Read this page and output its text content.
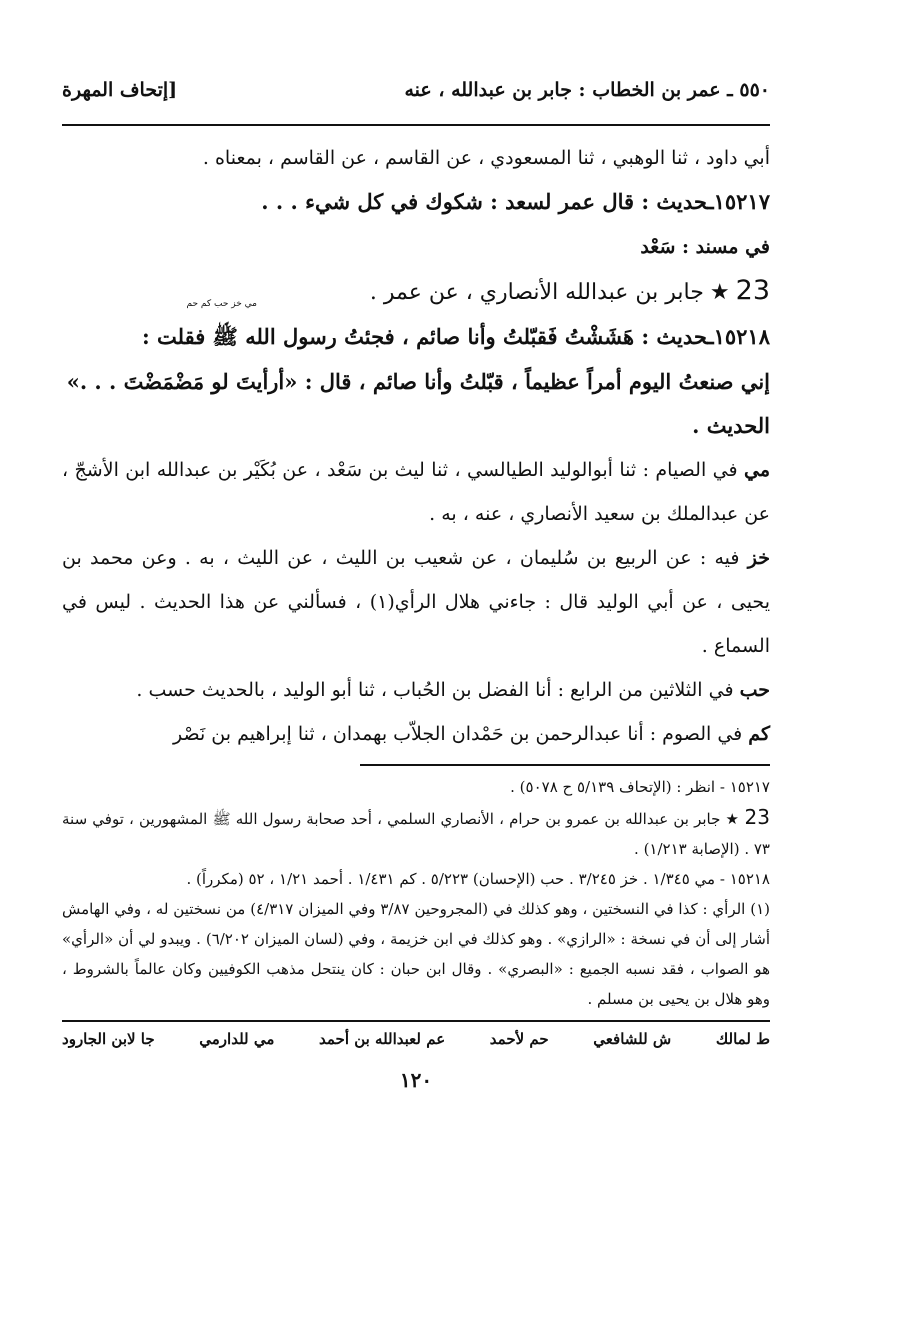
٥٥٠ ـ عمر بن الخطاب : جابر بن عبدالله ، عنه
[إتحاف المهرة

أبي داود ، ثنا الوهبي ، ثنا المسعودي ، عن القاسم ، عن القاسم ، بمعناه .

١٥٢١٧ـحديث : قال عمر لسعد : شكوك في كل شيء . . .

في مسند : سَعْد

23 ★ جابر بن عبدالله الأنصاري ، عن عمر .

١٥٢١٨ـحديث : هَشَشْتُ فَقبّلتُ وأنا صائم ، فجئتُ رسول الله ﷺ فقلت :

إني صنعتُ اليوم أمراً عظيماً ، قبّلتُ وأنا صائم ، قال : «أرأيتَ لو مَضْمَضْتَ . . .»

الحديث .

مي في الصيام : ثنا أبوالوليد الطيالسي ، ثنا ليث بن سَعْد ، عن بُكَيْر بن عبدالله ابن الأشجّ ، عن عبدالملك بن سعيد الأنصاري ، عنه ، به .

خز فيه : عن الربيع بن سُليمان ، عن شعيب بن الليث ، عن الليث ، به . وعن محمد بن يحيى ، عن أبي الوليد قال : جاءني هلال الرأي(١) ، فسألني عن هذا الحديث . ليس في السماع .

حب في الثلاثين من الرابع : أنا الفضل بن الحُباب ، ثنا أبو الوليد ، بالحديث حسب .

كم في الصوم : أنا عبدالرحمن بن حَمْدان الجلاّب بهمدان ، ثنا إبراهيم بن نَصْر

١٥٢١٧ - انظر : (الإتحاف ٥/١٣٩ ح ٥٠٧٨) .

23 ★ جابر بن عبدالله بن عمرو بن حرام ، الأنصاري السلمي ، أحد صحابة رسول الله ﷺ المشهورين ، توفي سنة ٧٣ . (الإصابة ١/٢١٣) .

١٥٢١٨ - مي ١/٣٤٥ . خز ٣/٢٤٥ . حب (الإحسان) ٥/٢٢٣ . كم ١/٤٣١ . أحمد ١/٢١ ، ٥٢ (مكرراً) .

(١) الرأي : كذا في النسختين ، وهو كذلك في (المجروحين ٣/٨٧ وفي الميزان ٤/٣١٧) من نسختين له ، وفي الهامش أشار إلى أن في نسخة : «الرازي» . وهو كذلك في ابن خزيمة ، وفي (لسان الميزان ٦/٢٠٢) . ويبدو لي أن «الرأي» هو الصواب ، فقد نسبه الجميع : «البصري» . وقال ابن حبان : كان ينتحل مذهب الكوفيين وكان عالماً بالشروط ، وهو هلال بن يحيى بن مسلم .

ط لمالك
ش للشافعي
حم لأحمد
عم لعبدالله بن أحمد
مي للدارمي
جا لابن الجارود
١٢٠
مي خز حب كم حم
